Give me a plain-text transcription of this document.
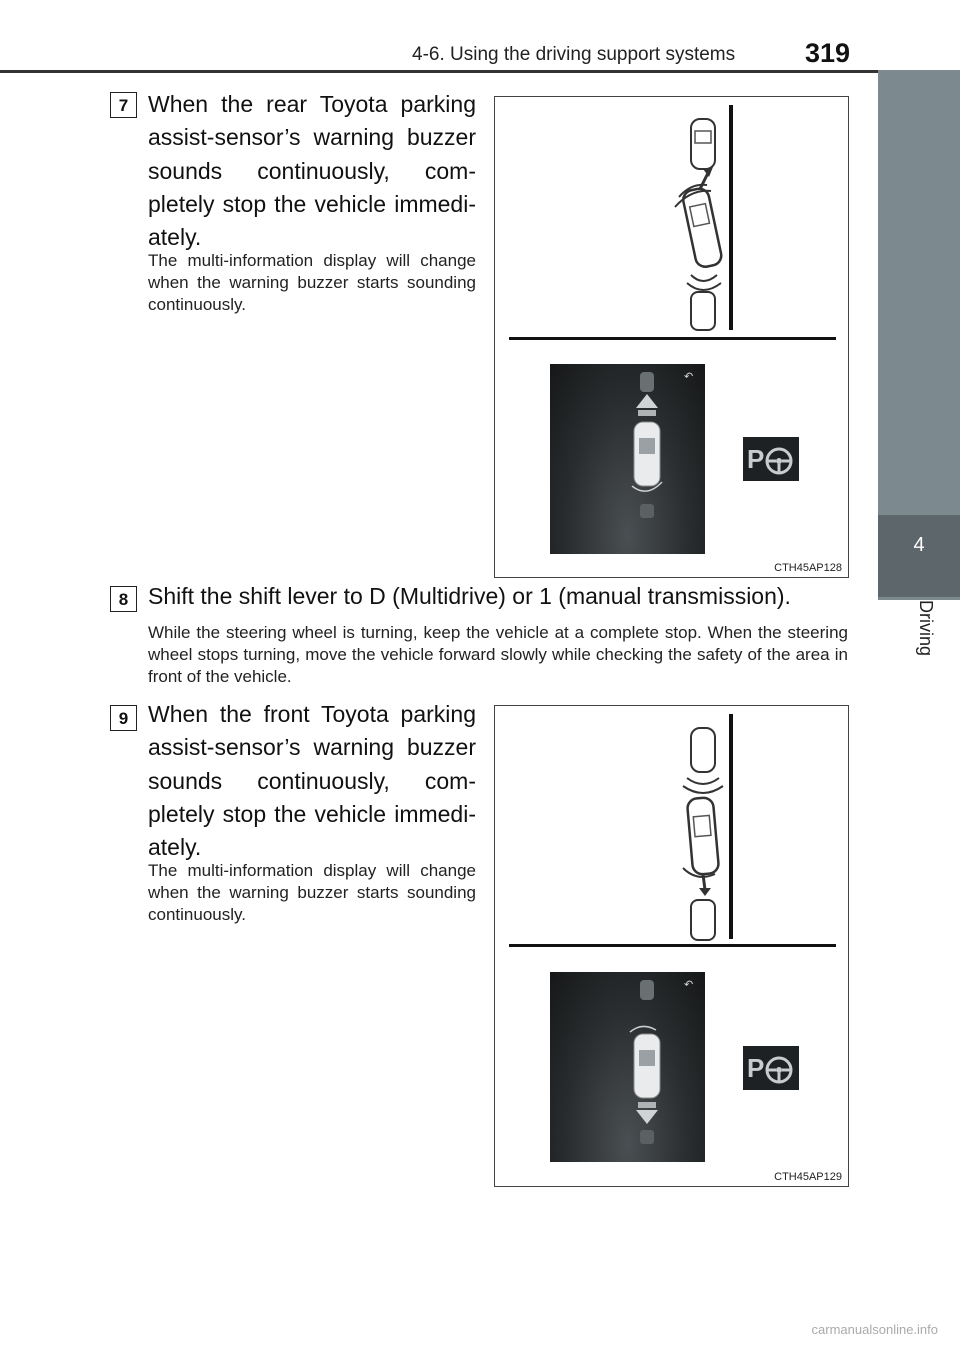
4-6. Using the driving support systems	319
4
Driving
7 When the rear Toyota parking assist-sensor’s warning buzzer sounds continuously, com-pletely stop the vehicle immedi-ately.
The multi-information display will change when the warning buzzer starts sounding continuously.
↶
P
CTH45AP128
8 Shift the shift lever to D (Multidrive) or 1 (manual transmission).
While the steering wheel is turning, keep the vehicle at a complete stop. When the steering wheel stops turning, move the vehicle forward slowly while checking the safety of the area in front of the vehicle.
9 When the front Toyota parking assist-sensor’s warning buzzer sounds continuously, com-pletely stop the vehicle immedi-ately.
The multi-information display will change when the warning buzzer starts sounding continuously.
↶
P
CTH45AP129
carmanualsonline.info
